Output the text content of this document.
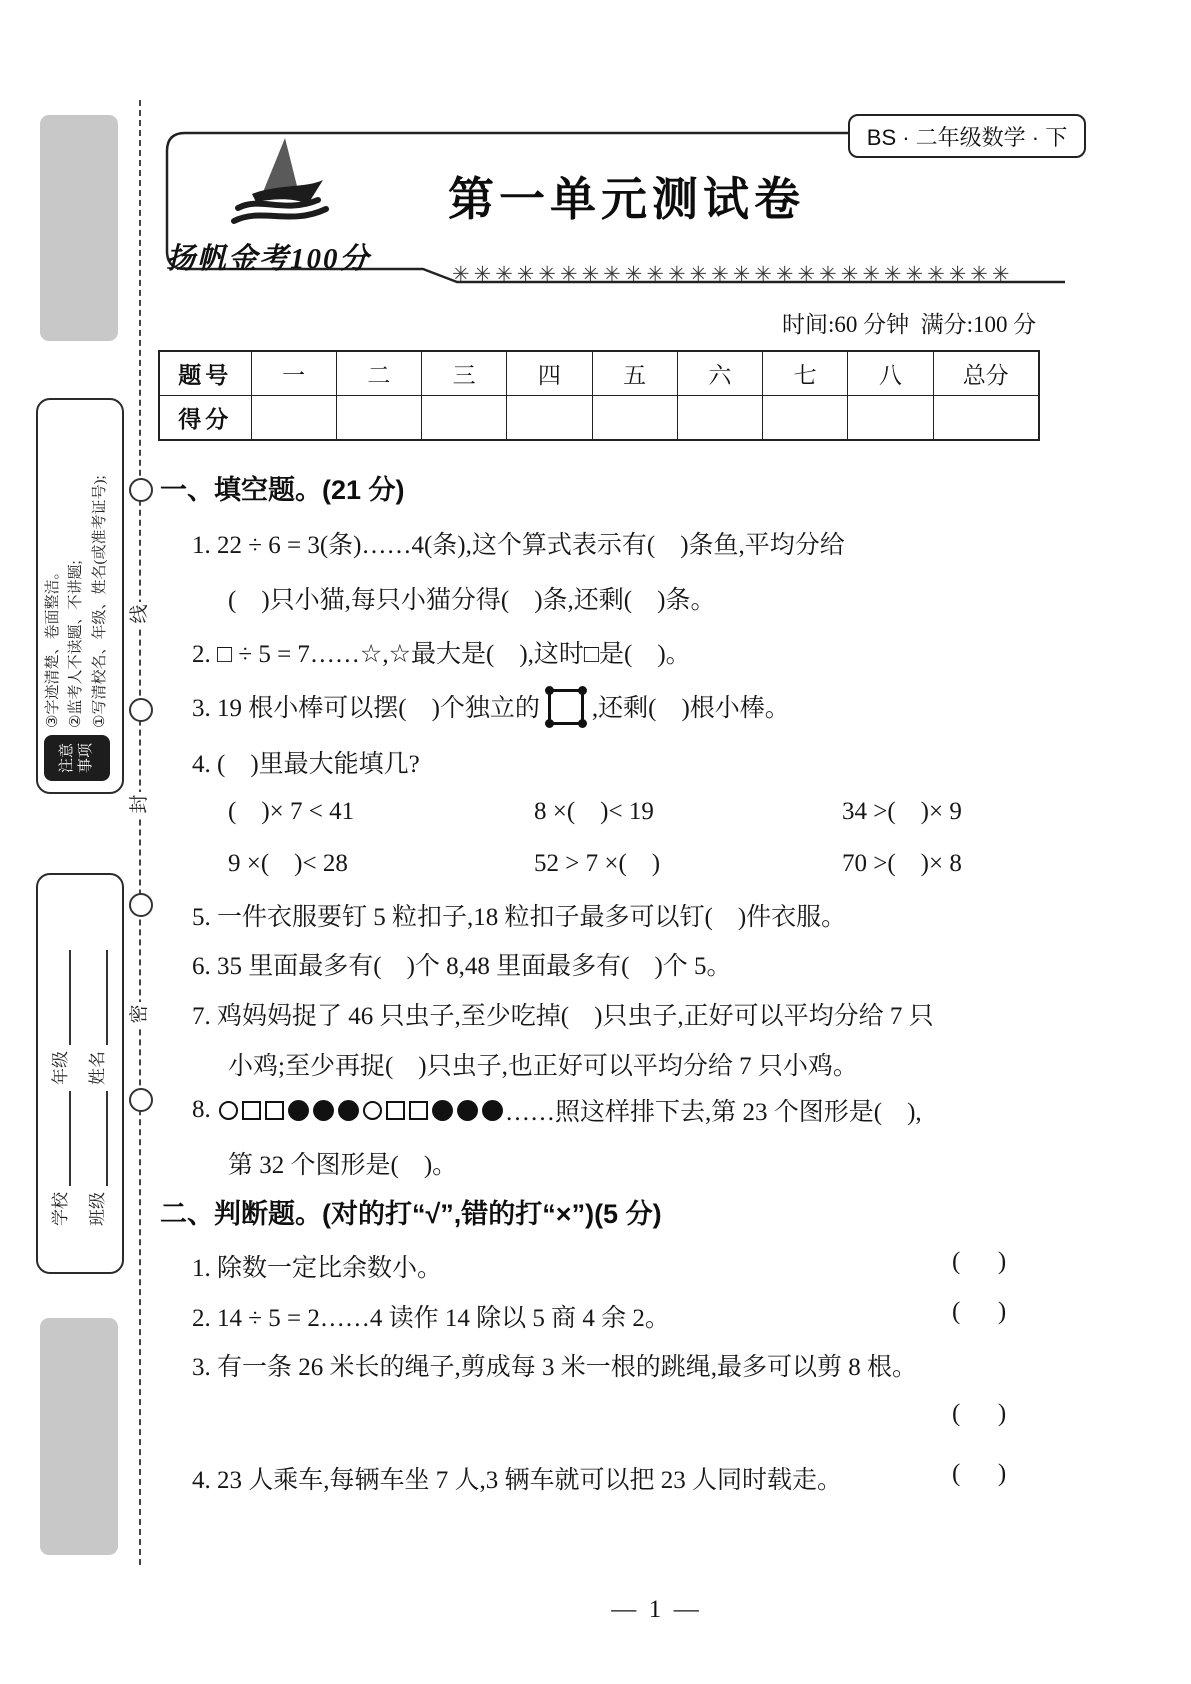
注意事项
①写清校名、年级、姓名(或准考证号);
②监考人不读题、不讲题;
③字迹清楚、卷面整洁。
学校
年级
班级
姓名
线
封
密
BS · 二年级数学 · 下
第一单元测试卷
扬帆金考100分	✳✳✳✳✳✳✳✳✳✳✳✳✳✳✳✳✳✳✳✳✳✳✳✳✳✳
时间:60 分钟  满分:100 分
题号	一	二	三	四	五	六	七	八	总分
得分									
一、填空题。(21 分)
1. 22 ÷ 6 = 3(条)……4(条),这个算式表示有(    )条鱼,平均分给
(    )只小猫,每只小猫分得(    )条,还剩(    )条。
2. □ ÷ 5 = 7……☆,☆最大是(    ),这时□是(    )。
3. 19 根小棒可以摆(    )个独立的 ,还剩(    )根小棒。
4. (    )里最大能填几?
(    )× 7 < 41	8 ×(    )< 19	34 >(    )× 9
9 ×(    )< 28	52 > 7 ×(    )	70 >(    )× 8
5. 一件衣服要钉 5 粒扣子,18 粒扣子最多可以钉(    )件衣服。
6. 35 里面最多有(    )个 8,48 里面最多有(    )个 5。
7. 鸡妈妈捉了 46 只虫子,至少吃掉(    )只虫子,正好可以平均分给 7 只
小鸡;至少再捉(    )只虫子,也正好可以平均分给 7 只小鸡。
8.	……照这样排下去,第 23 个图形是(    ),
第 32 个图形是(    )。
二、判断题。(对的打“√”,错的打“×”)(5 分)
1. 除数一定比余数小。	(      )
2. 14 ÷ 5 = 2……4 读作 14 除以 5 商 4 余 2。	(      )
3. 有一条 26 米长的绳子,剪成每 3 米一根的跳绳,最多可以剪 8 根。
(      )
4. 23 人乘车,每辆车坐 7 人,3 辆车就可以把 23 人同时载走。	(      )
—  1  —
